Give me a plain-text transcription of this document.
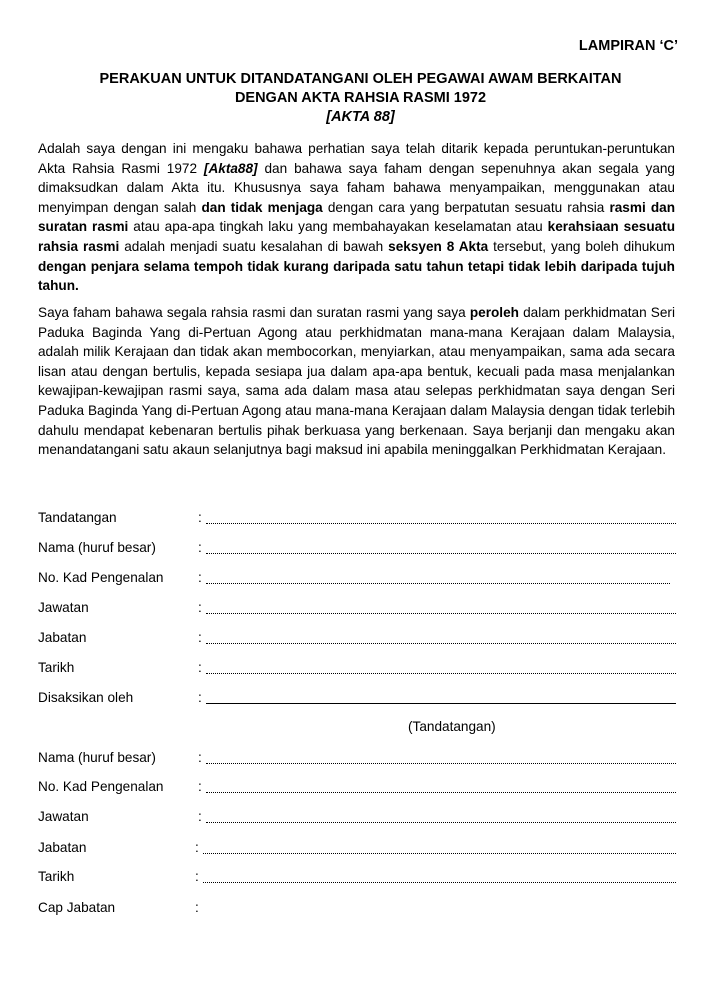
LAMPIRAN ‘C’
PERAKUAN UNTUK DITANDATANGANI OLEH PEGAWAI AWAM BERKAITAN
DENGAN AKTA RAHSIA RASMI 1972
[AKTA 88]

Adalah saya dengan ini mengaku bahawa perhatian saya telah ditarik kepada peruntukan-peruntukan Akta Rahsia Rasmi 1972 [Akta88] dan bahawa saya faham dengan sepenuhnya akan segala yang dimaksudkan dalam Akta itu. Khususnya saya faham bahawa menyampaikan, menggunakan atau menyimpan dengan salah dan tidak menjaga dengan cara yang berpatutan sesuatu rahsia rasmi dan suratan rasmi atau apa-apa tingkah laku yang membahayakan keselamatan atau kerahsiaan sesuatu rahsia rasmi adalah menjadi suatu kesalahan di bawah seksyen 8 Akta tersebut, yang boleh dihukum dengan penjara selama tempoh tidak kurang daripada satu tahun tetapi tidak lebih daripada tujuh tahun.

Saya faham bahawa segala rahsia rasmi dan suratan rasmi yang saya peroleh dalam perkhidmatan Seri Paduka Baginda Yang di-Pertuan Agong atau perkhidmatan mana-mana Kerajaan dalam Malaysia, adalah milik Kerajaan dan tidak akan membocorkan, menyiarkan, atau menyampaikan, sama ada secara lisan atau dengan bertulis, kepada sesiapa jua dalam apa-apa bentuk, kecuali pada masa menjalankan kewajipan-kewajipan rasmi saya, sama ada dalam masa atau selepas perkhidmatan saya dengan Seri Paduka Baginda Yang di-Pertuan Agong atau mana-mana Kerajaan dalam Malaysia dengan tidak terlebih dahulu mendapat kebenaran bertulis pihak berkuasa yang berkenaan. Saya berjanji dan mengaku akan menandatangani satu akaun selanjutnya bagi maksud ini apabila meninggalkan Perkhidmatan Kerajaan.

Tandatangan	:
Nama (huruf besar)	:
No. Kad Pengenalan	:
Jawatan	:
Jabatan	:
Tarikh	:
Disaksikan oleh	:
(Tandatangan)
Nama (huruf besar)	:
No. Kad Pengenalan	:
Jawatan	:
Jabatan	:
Tarikh	:
Cap Jabatan	:
